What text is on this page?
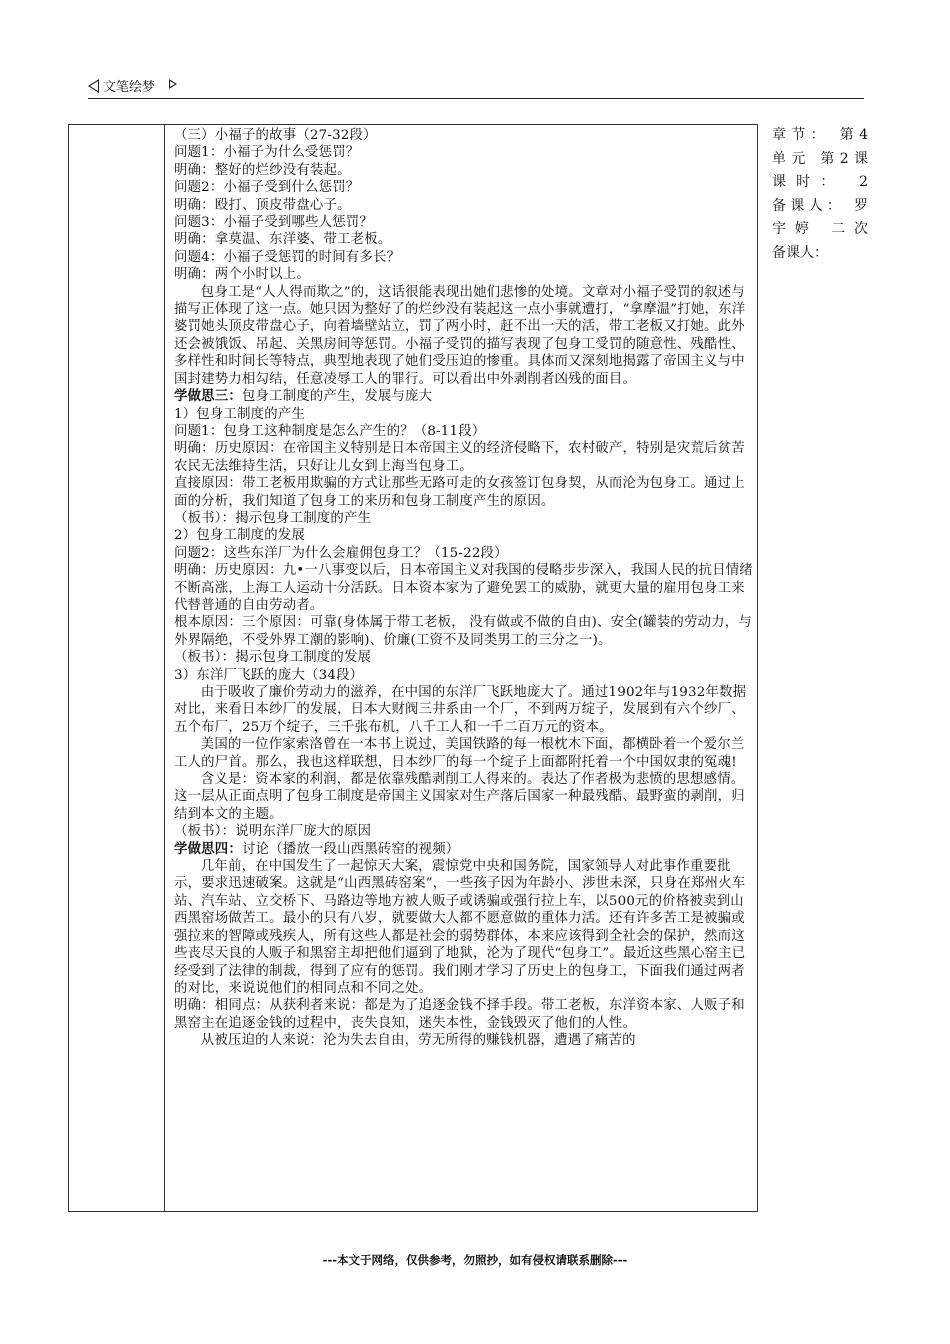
文笔绘梦

（三）小福子的故事（27-32段）

问题1：小福子为什么受惩罚？

明确：整好的烂纱没有装起。

问题2：小福子受到什么惩罚？

明确：殴打、顶皮带盘心子。

问题3：小福子受到哪些人惩罚？

明确：拿莫温、东洋婆、带工老板。

问题4：小福子受惩罚的时间有多长？

明确：两个小时以上。

包身工是“人人得而欺之”的，这话很能表现出她们悲惨的处境。文章对小福子受罚的叙述与描写正体现了这一点。她只因为整好了的烂纱没有装起这一点小事就遭打，“拿摩温”打她，东洋婆罚她头顶皮带盘心子，向着墙壁站立，罚了两小时，赶不出一天的活，带工老板又打她。此外还会被饿饭、吊起、关黑房间等惩罚。小福子受罚的描写表现了包身工受罚的随意性、残酷性、多样性和时间长等特点，典型地表现了她们受压迫的惨重。具体而又深刻地揭露了帝国主义与中国封建势力相勾结，任意凌辱工人的罪行。可以看出中外剥削者凶残的面目。

学做思三：包身工制度的产生，发展与庞大

1）包身工制度的产生

问题1：包身工这种制度是怎么产生的？（8-11段）

明确：历史原因：在帝国主义特别是日本帝国主义的经济侵略下，农村破产，特别是灾荒后贫苦农民无法维持生活，只好让儿女到上海当包身工。

直接原因：带工老板用欺骗的方式让那些无路可走的女孩签订包身契，从而沦为包身工。通过上面的分析，我们知道了包身工的来历和包身工制度产生的原因。

（板书）：揭示包身工制度的产生

2）包身工制度的发展

问题2：这些东洋厂为什么会雇佣包身工？（15-22段）

明确：历史原因：九•一八事变以后，日本帝国主义对我国的侵略步步深入，我国人民的抗日情绪不断高涨，上海工人运动十分活跃。日本资本家为了避免罢工的威胁，就更大量的雇用包身工来代替普通的自由劳动者。

根本原因：三个原因：可靠(身体属于带工老板， 没有做或不做的自由)、安全(罐装的劳动力，与外界隔绝，不受外界工潮的影响)、价廉(工资不及同类男工的三分之一)。

（板书）：揭示包身工制度的发展

3）东洋厂飞跃的庞大（34段）

由于吸收了廉价劳动力的滋养，在中国的东洋厂飞跃地庞大了。通过1902年与1932年数据对比，来看日本纱厂的发展，日本大财阀三井系由一个厂，不到两万绽子，发展到有六个纱厂、五个布厂，25万个绽子，三千张布机，八千工人和一千二百万元的资本。

美国的一位作家索洛曾在一本书上说过，美国铁路的每一根枕木下面，都横卧着一个爱尔兰工人的尸首。那么，我也这样联想，日本纱厂的每一个绽子上面都附托着一个中国奴隶的冤魂!

含义是：资本家的利润，都是依靠残酷剥削工人得来的。表达了作者极为悲愤的思想感情。这一层从正面点明了包身工制度是帝国主义国家对生产落后国家一种最残酷、最野蛮的剥削，归结到本文的主题。

（板书）：说明东洋厂庞大的原因

学做思四：讨论（播放一段山西黑砖窑的视频）

几年前，在中国发生了一起惊天大案，震惊党中央和国务院，国家领导人对此事作重要批示，要求迅速破案。这就是“山西黑砖窑案”，一些孩子因为年龄小、涉世未深，只身在郑州火车站、汽车站、立交桥下、马路边等地方被人贩子或诱骗或强行拉上车，以500元的价格被卖到山西黑窑场做苦工。最小的只有八岁，就要做大人都不愿意做的重体力活。还有许多苦工是被骗或强拉来的智障或残疾人，所有这些人都是社会的弱势群体，本来应该得到全社会的保护，然而这些丧尽天良的人贩子和黑窑主却把他们逼到了地狱，沦为了现代“包身工”。最近这些黑心窑主已经受到了法律的制裁，得到了应有的惩罚。我们刚才学习了历史上的包身工，下面我们通过两者的对比，来说说他们的相同点和不同之处。

明确：相同点：从获利者来说：都是为了追逐金钱不择手段。带工老板，东洋资本家、人贩子和黑窑主在追逐金钱的过程中，丧失良知，迷失本性，金钱毁灭了他们的人性。

从被压迫的人来说：沦为失去自由，劳无所得的赚钱机器，遭遇了痛苦的

章节： 第4

单元 第2课

课时： 2

备课人： 罗

宇婷 二次

备课人：

---本文于网络，仅供参考，勿照抄，如有侵权请联系删除---
